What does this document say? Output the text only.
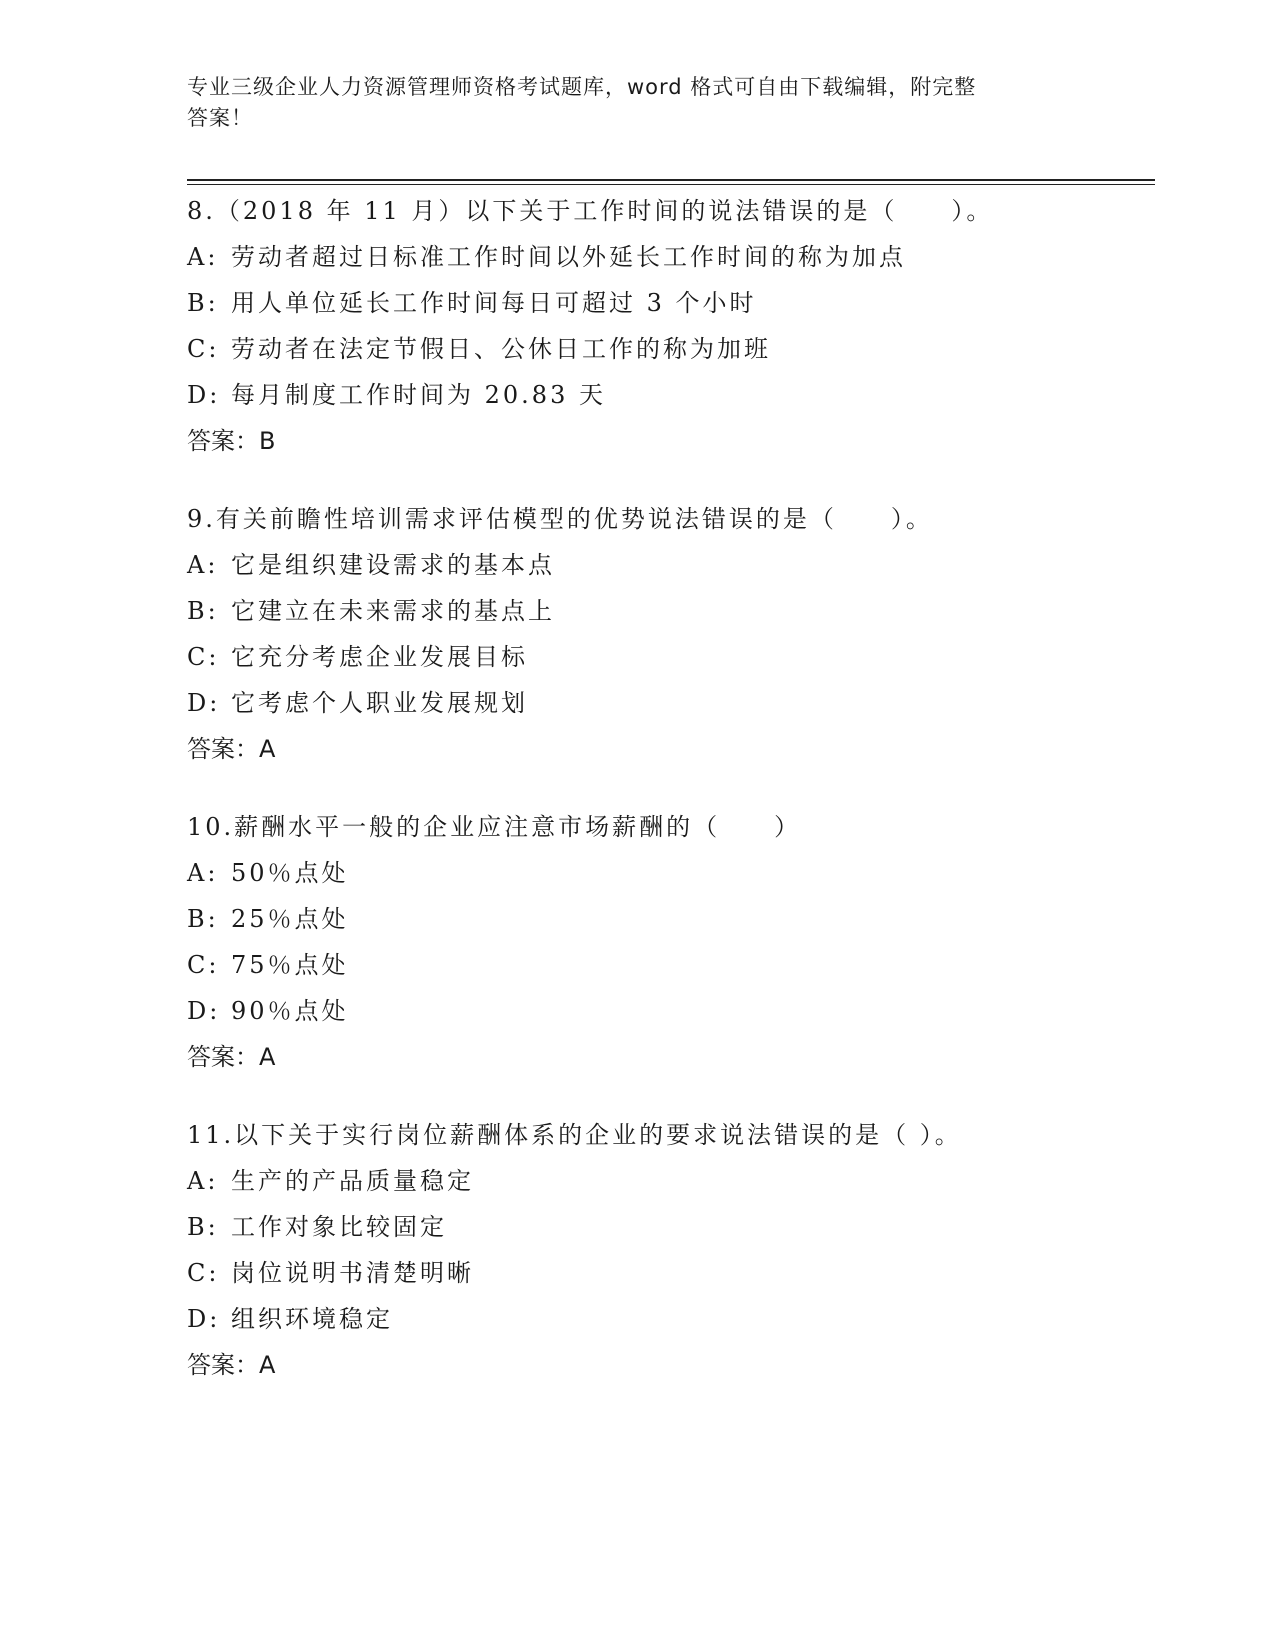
专业三级企业人力资源管理师资格考试题库，word 格式可自由下载编辑，附完整
答案！
8.（2018 年 11 月）以下关于工作时间的说法错误的是（　　）。
A: 劳动者超过日标准工作时间以外延长工作时间的称为加点
B: 用人单位延长工作时间每日可超过 3 个小时
C: 劳动者在法定节假日、公休日工作的称为加班
D: 每月制度工作时间为 20.83 天
答案：B
9.有关前瞻性培训需求评估模型的优势说法错误的是（　　）。
A: 它是组织建设需求的基本点
B: 它建立在未来需求的基点上
C: 它充分考虑企业发展目标
D: 它考虑个人职业发展规划
答案：A
10.薪酬水平一般的企业应注意市场薪酬的（　　）
A: 50％点处
B: 25％点处
C: 75％点处
D: 90％点处
答案：A
11.以下关于实行岗位薪酬体系的企业的要求说法错误的是（ ）。
A: 生产的产品质量稳定
B: 工作对象比较固定
C: 岗位说明书清楚明晰
D: 组织环境稳定
答案：A
